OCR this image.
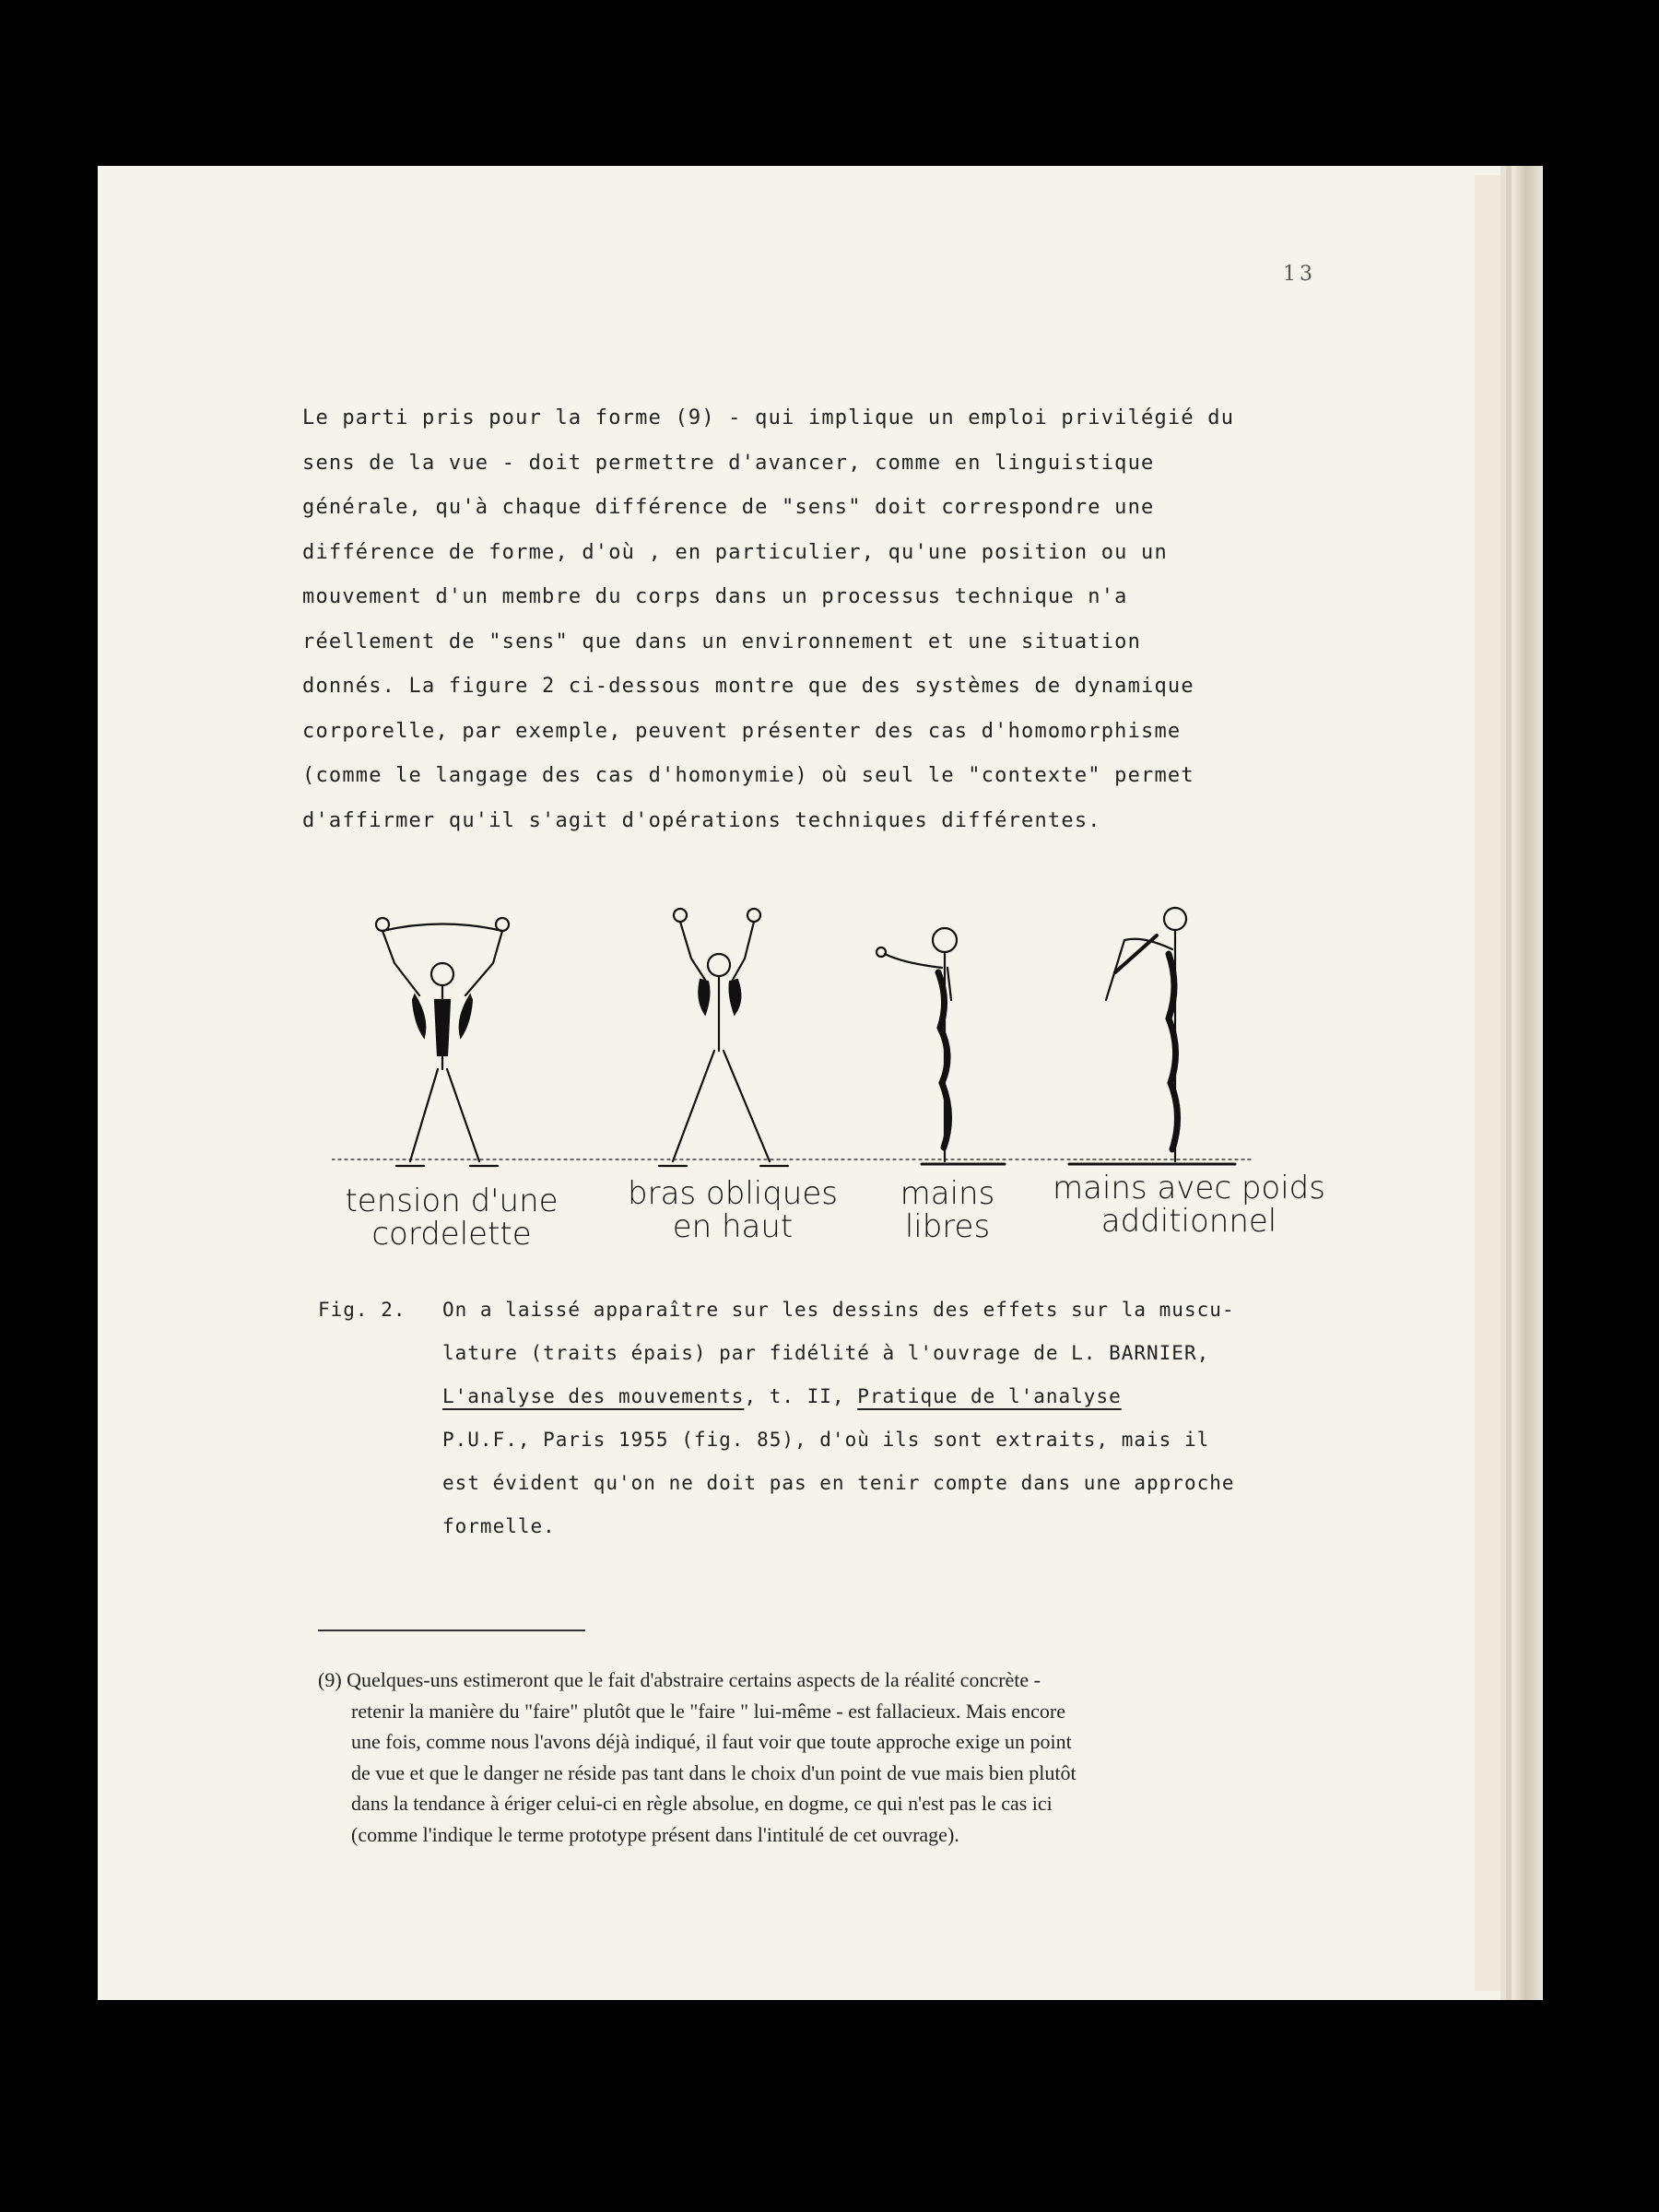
13
Le parti pris pour la forme (9) - qui implique un emploi privilégié du
sens de la vue - doit permettre d'avancer, comme en linguistique
générale, qu'à chaque différence de "sens" doit correspondre une
différence de forme, d'où , en particulier, qu'une position ou un
mouvement d'un membre du corps dans un processus technique n'a
réellement de "sens" que dans un environnement et une situation
donnés. La figure 2 ci-dessous montre que des systèmes de dynamique
corporelle, par exemple, peuvent présenter des cas d'homomorphisme
(comme le langage des cas d'homonymie) où seul le "contexte" permet
d'affirmer qu'il s'agit d'opérations techniques différentes.
tension d'une
cordelette
bras obliques
en haut
mains
libres
mains avec poids
additionnel
Fig. 2. On a laissé apparaître sur les dessins des effets sur la muscu-
lature (traits épais) par fidélité à l'ouvrage de L. BARNIER,
L'analyse des mouvements, t. II, Pratique de l'analyse
P.U.F., Paris 1955 (fig. 85), d'où ils sont extraits, mais il
est évident qu'on ne doit pas en tenir compte dans une approche
formelle.
(9) Quelques-uns estimeront que le fait d'abstraire certains aspects de la réalité concrète -
retenir la manière du "faire" plutôt que le "faire " lui-même - est fallacieux. Mais encore
une fois, comme nous l'avons déjà indiqué, il faut voir que toute approche exige un point
de vue et que le danger ne réside pas tant dans le choix d'un point de vue mais bien plutôt
dans la tendance à ériger celui-ci en règle absolue, en dogme, ce qui n'est pas le cas ici
(comme l'indique le terme prototype présent dans l'intitulé de cet ouvrage).
